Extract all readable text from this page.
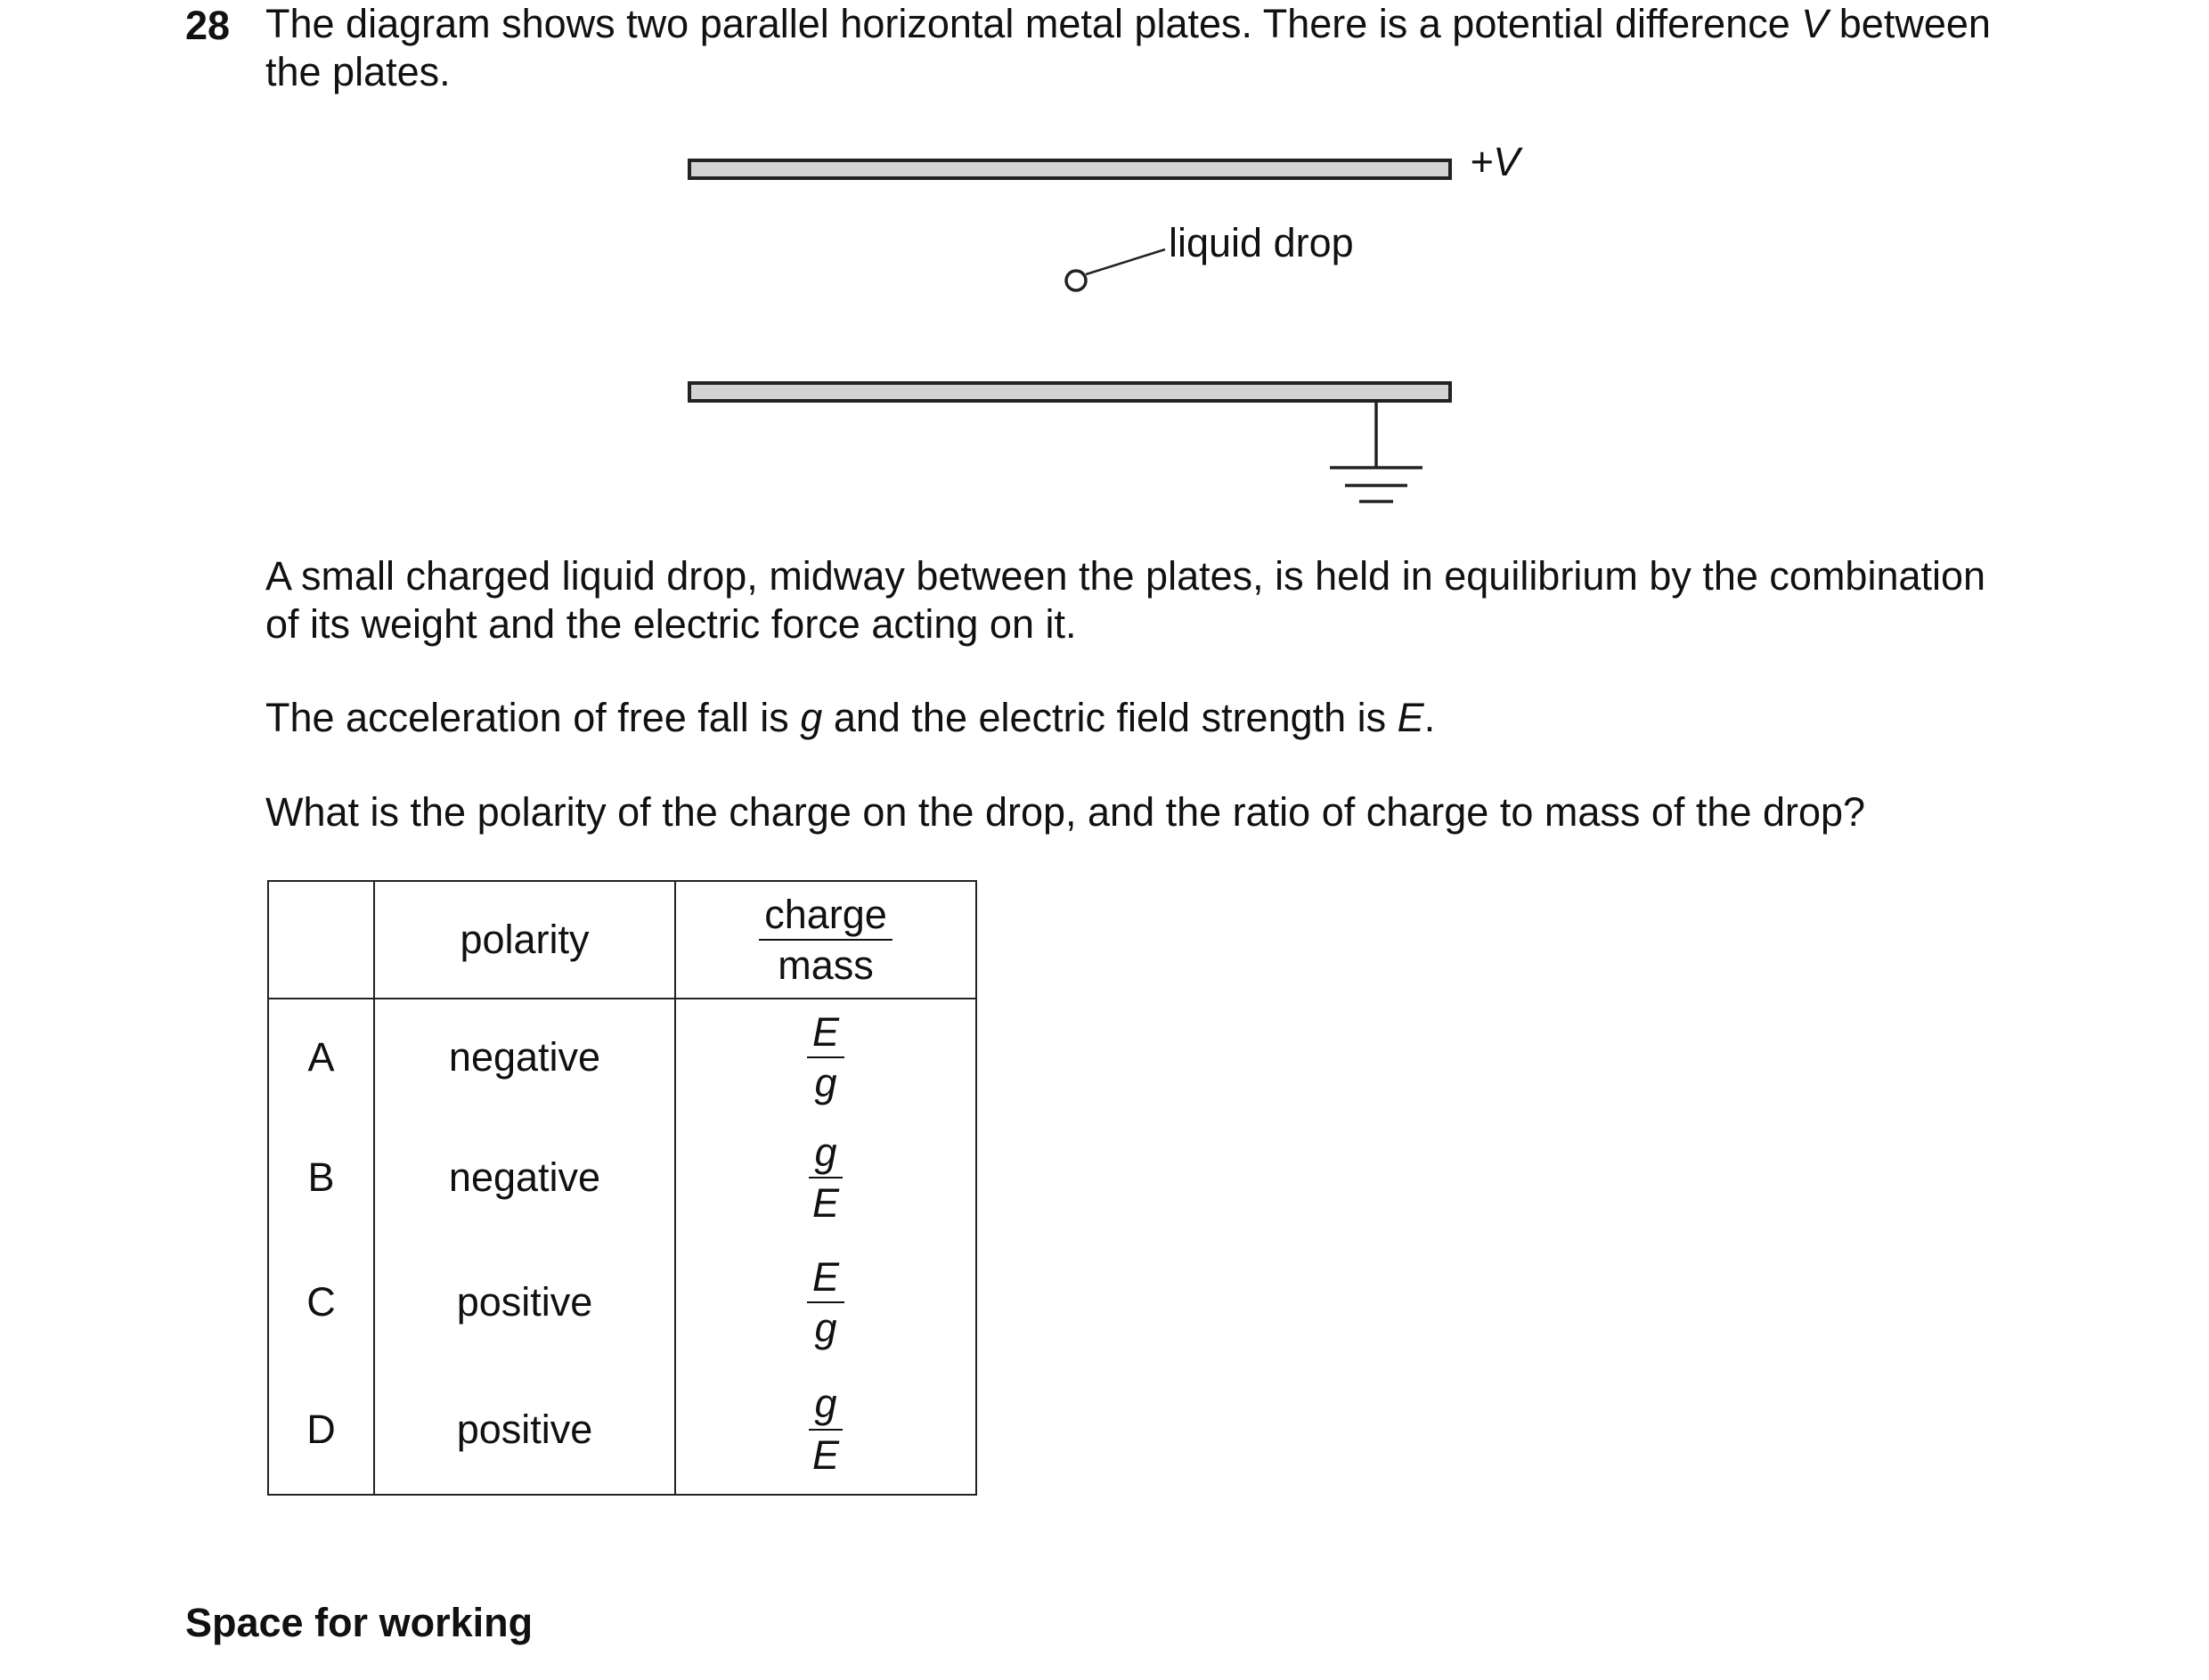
28 The diagram shows two parallel horizontal metal plates. There is a potential difference V between
the plates.
+V
liquid drop
A small charged liquid drop, midway between the plates, is held in equilibrium by the combination
of its weight and the electric force acting on it.
The acceleration of free fall is g and the electric field strength is E.
What is the polarity of the charge on the drop, and the ratio of charge to mass of the drop?
	polarity	$\frac{\text{charge}}{\text{mass}}$

A	negative	$\frac{E}{g}$

B	negative	$\frac{g}{E}$

C	positive	$\frac{E}{g}$

D	positive	$\frac{g}{E}$
Space for working
